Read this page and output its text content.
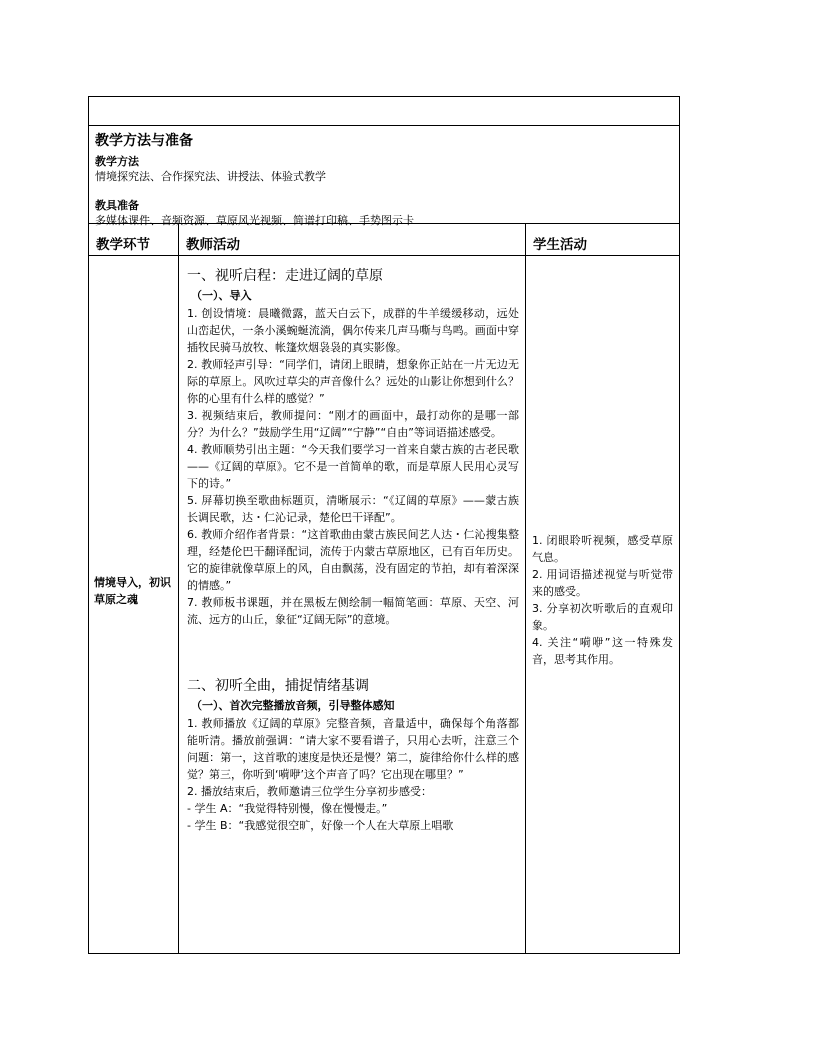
教学方法与准备

教学方法

情境探究法、合作探究法、讲授法、体验式教学

教具准备

多媒体课件、音频资源、草原风光视频、简谱打印稿、手势图示卡

教学环节	教师活动	学生活动
情境导入，初识草原之魂

一、视听启程：走进辽阔的草原

（一）、导入

1. 创设情境：晨曦微露，蓝天白云下，成群的牛羊缓缓移动，远处山峦起伏，一条小溪蜿蜒流淌，偶尔传来几声马嘶与鸟鸣。画面中穿插牧民骑马放牧、帐篷炊烟袅袅的真实影像。

2. 教师轻声引导：“同学们，请闭上眼睛，想象你正站在一片无边无际的草原上。风吹过草尖的声音像什么？远处的山影让你想到什么？你的心里有什么样的感觉？”

3. 视频结束后，教师提问：“刚才的画面中，最打动你的是哪一部分？为什么？”鼓励学生用“辽阔”“宁静”“自由”等词语描述感受。

4. 教师顺势引出主题：“今天我们要学习一首来自蒙古族的古老民歌——《辽阔的草原》。它不是一首简单的歌，而是草原人民用心灵写下的诗。”

5. 屏幕切换至歌曲标题页，清晰展示：“《辽阔的草原》——蒙古族长调民歌，达・仁沁记录，楚伦巴干译配”。

6. 教师介绍作者背景：“这首歌曲由蒙古族民间艺人达・仁沁搜集整理，经楚伦巴干翻译配词，流传于内蒙古草原地区，已有百年历史。它的旋律就像草原上的风，自由飘荡，没有固定的节拍，却有着深深的情感。”

7. 教师板书课题，并在黑板左侧绘制一幅简笔画：草原、天空、河流、远方的山丘，象征“辽阔无际”的意境。

二、初听全曲，捕捉情绪基调

（一）、首次完整播放音频，引导整体感知

1. 教师播放《辽阔的草原》完整音频，音量适中，确保每个角落都能听清。播放前强调：“请大家不要看谱子，只用心去听，注意三个问题：第一，这首歌的速度是快还是慢？第二，旋律给你什么样的感觉？第三，你听到‘嗬咿’这个声音了吗？它出现在哪里？”

2. 播放结束后，教师邀请三位学生分享初步感受：

- 学生 A：“我觉得特别慢，像在慢慢走。”

- 学生 B：“我感觉很空旷，好像一个人在大草原上唱歌

1. 闭眼聆听视频，感受草原气息。

2. 用词语描述视觉与听觉带来的感受。

3. 分享初次听歌后的直观印象。

4. 关注“嗬咿”这一特殊发音，思考其作用。
